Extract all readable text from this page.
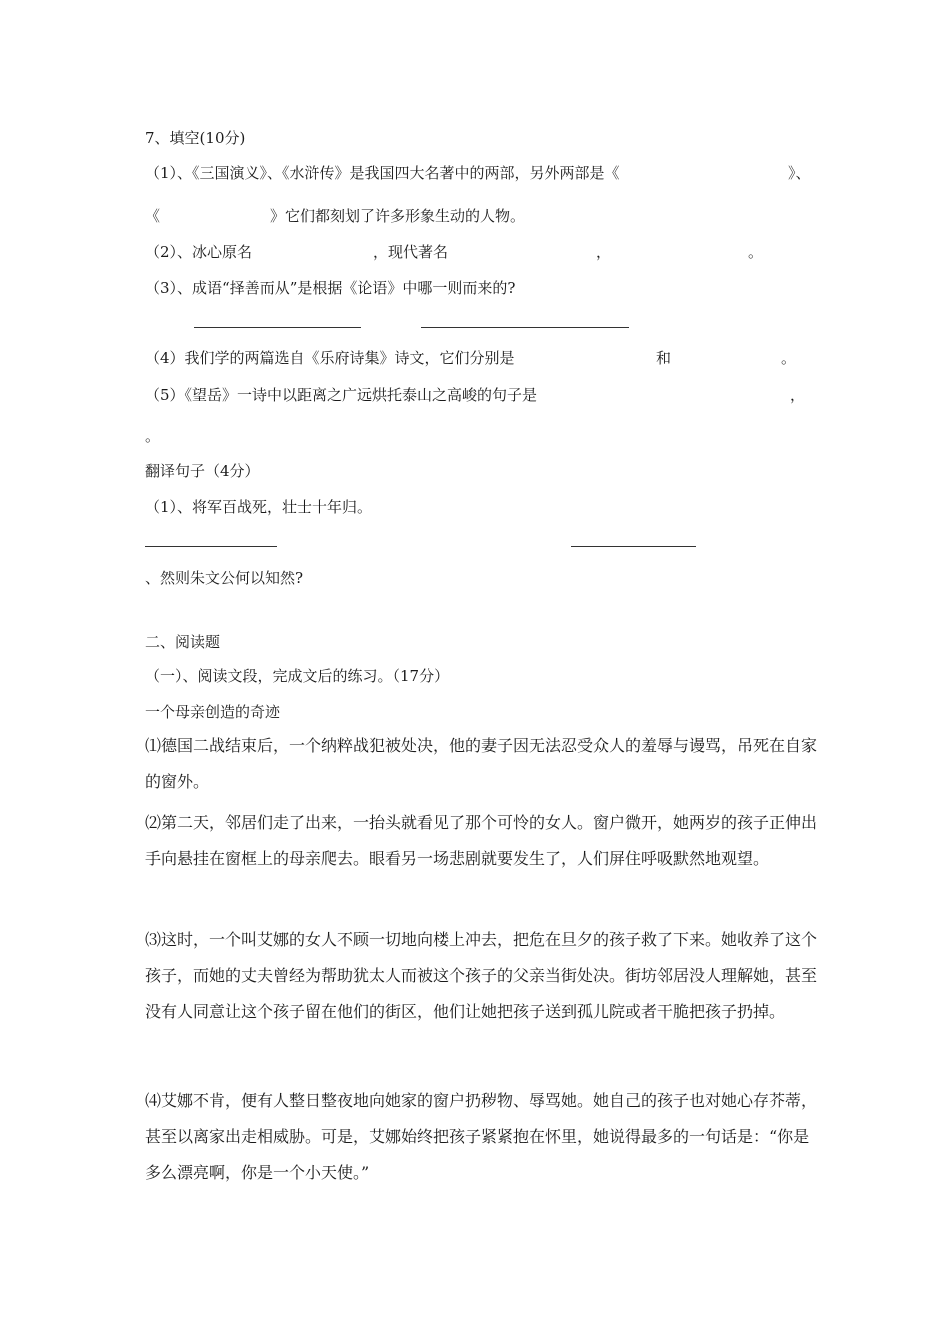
7、填空(10分)
（1）、《三国演义》、《水浒传》是我国四大名著中的两部，另外两部是《	》、
《	》它们都刻划了许多形象生动的人物。
（2）、冰心原名	，现代著名	，	。
（3）、成语“择善而从”是根据《论语》中哪一则而来的?
（4）我们学的两篇选自《乐府诗集》诗文，它们分别是	和	。
（5）《望岳》一诗中以距离之广远烘托泰山之高峻的句子是	，
。
翻译句子（4分）
（1）、将军百战死，壮士十年归。
、然则朱文公何以知然?
二、阅读题
（一）、阅读文段，完成文后的练习。（17分）
一个母亲创造的奇迹

⑴德国二战结束后，一个纳粹战犯被处决，他的妻子因无法忍受众人的羞辱与谩骂，吊死在自家的窗外。

⑵第二天，邻居们走了出来，一抬头就看见了那个可怜的女人。窗户微开，她两岁的孩子正伸出手向悬挂在窗框上的母亲爬去。眼看另一场悲剧就要发生了，人们屏住呼吸默然地观望。

⑶这时，一个叫艾娜的女人不顾一切地向楼上冲去，把危在旦夕的孩子救了下来。她收养了这个孩子，而她的丈夫曾经为帮助犹太人而被这个孩子的父亲当街处决。街坊邻居没人理解她，甚至没有人同意让这个孩子留在他们的街区，他们让她把孩子送到孤儿院或者干脆把孩子扔掉。

⑷艾娜不肯，便有人整日整夜地向她家的窗户扔秽物、辱骂她。她自己的孩子也对她心存芥蒂，甚至以离家出走相威胁。可是，艾娜始终把孩子紧紧抱在怀里，她说得最多的一句话是：“你是多么漂亮啊，你是一个小天使。”
